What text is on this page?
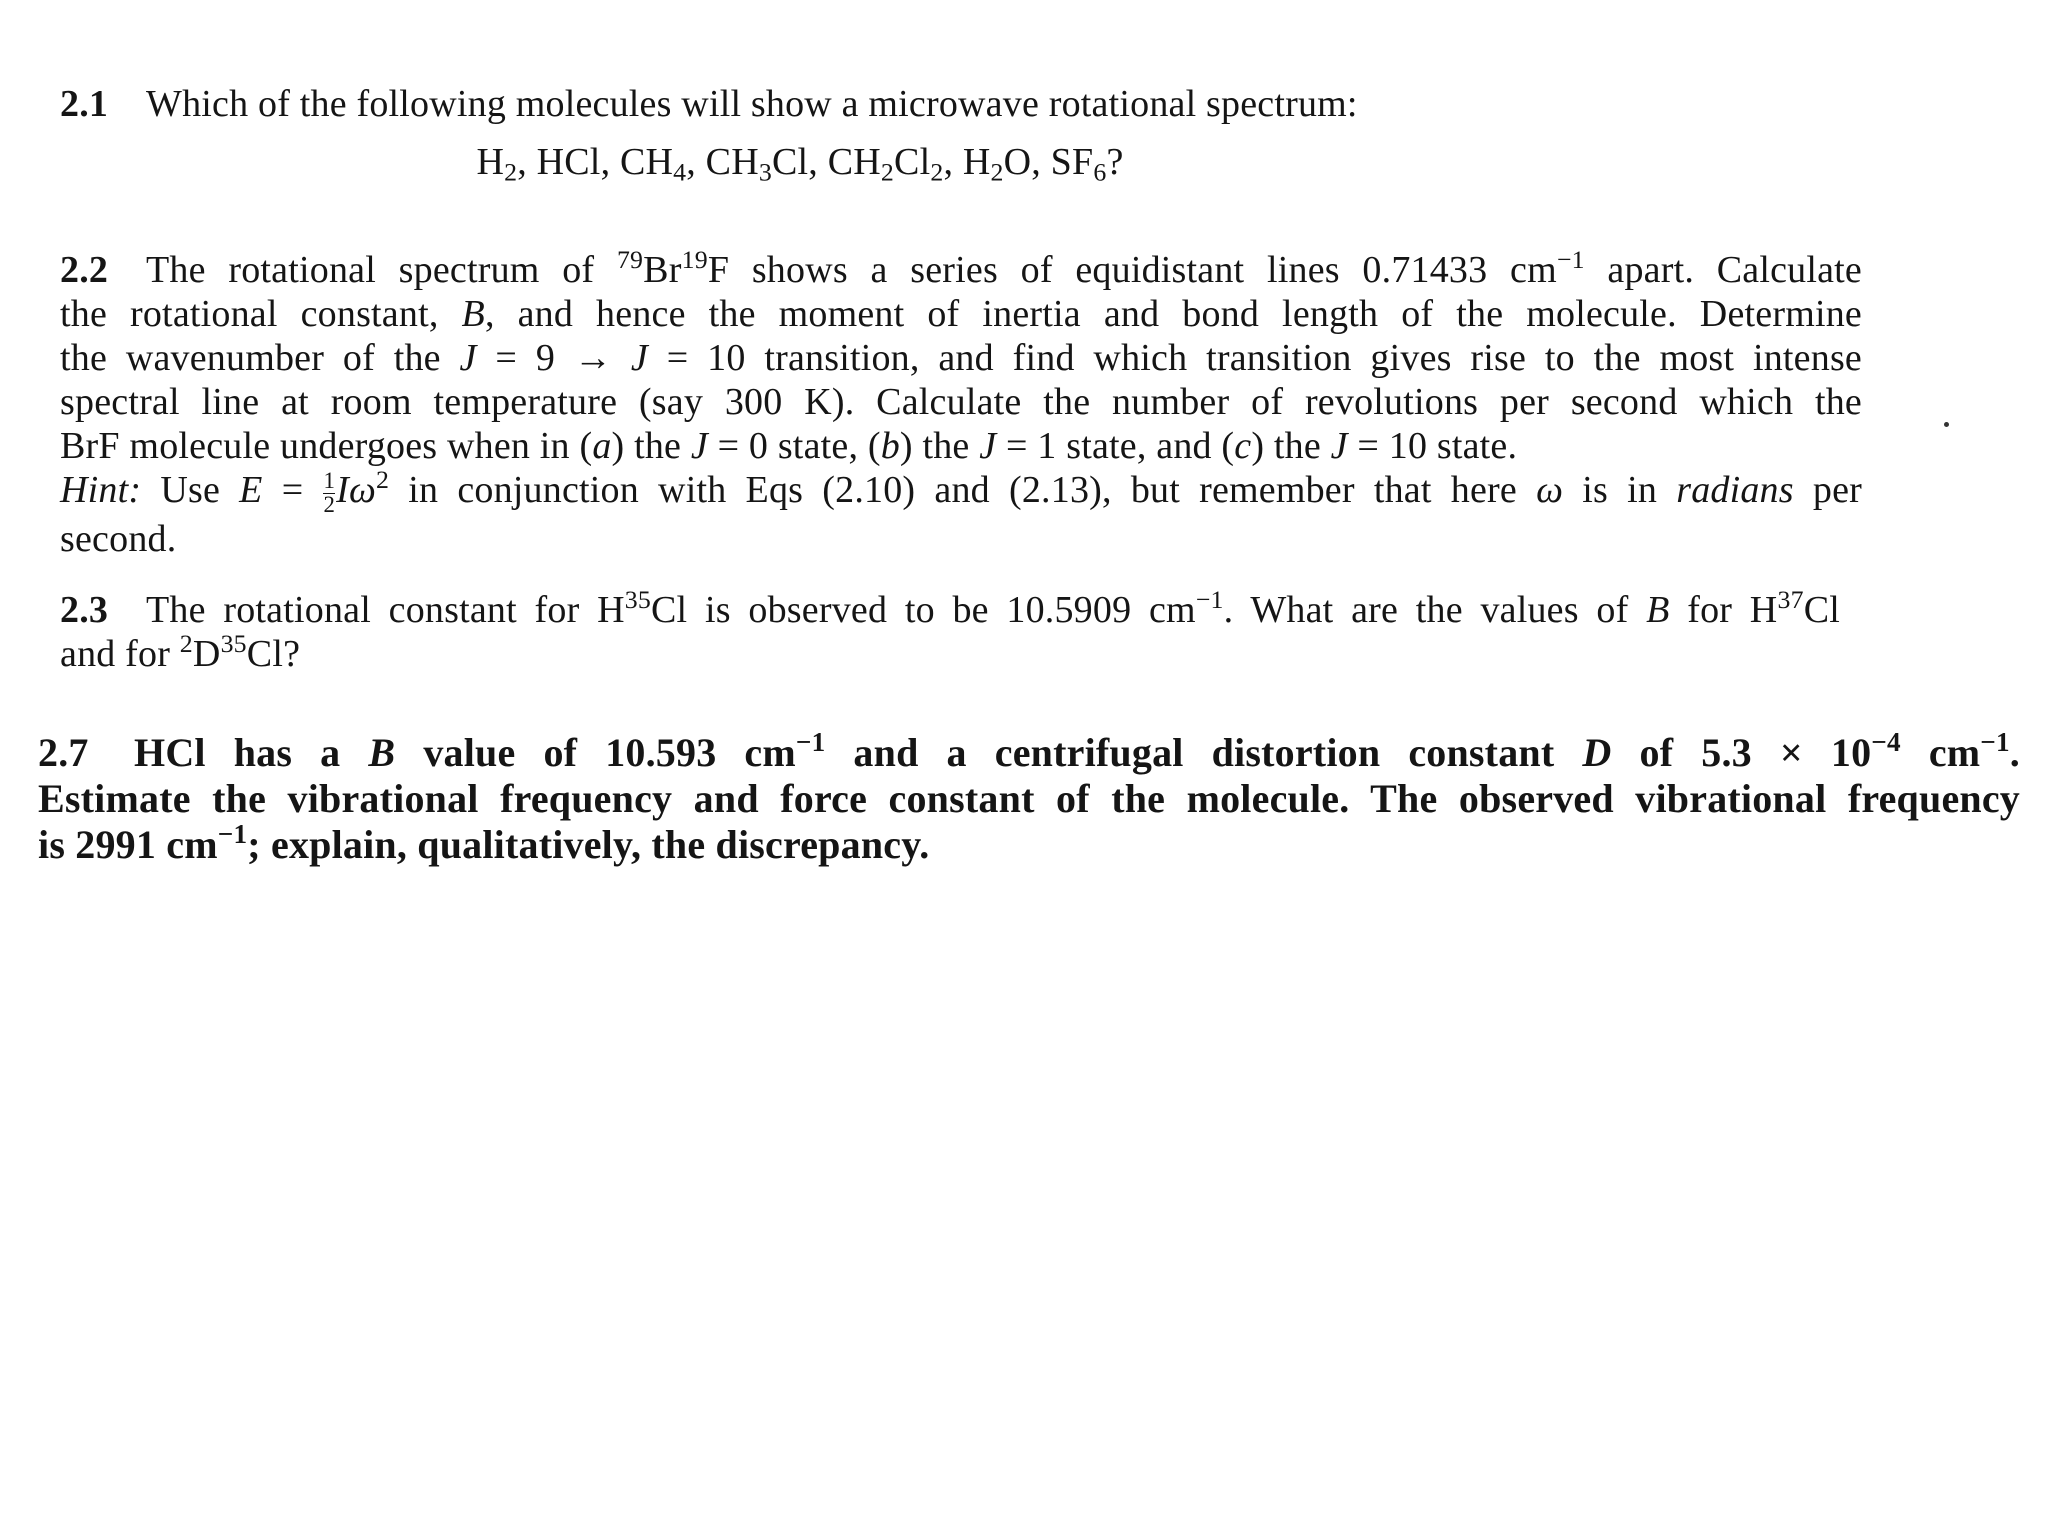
2.1 Which of the following molecules will show a microwave rotational spectrum:
$H_2$, HCl, $CH_4$, $CH_3Cl$, $CH_2Cl_2$, $H_2O$, $SF_6$?
2.2 The rotational spectrum of $^{79}$Br$^{19}$F shows a series of equidistant lines 0.71433 $cm^{-1}$ apart. Calculate
the rotational constant, B, and hence the moment of inertia and bond length of the molecule. Determine
the wavenumber of the J = 9 → J = 10 transition, and find which transition gives rise to the most intense
spectral line at room temperature (say 300 K). Calculate the number of revolutions per second which the
BrF molecule undergoes when in (a) the J = 0 state, (b) the J = 1 state, and (c) the J = 10 state.
Hint: Use $E = \frac{1}{2} I\omega^2$ in conjunction with Eqs (2.10) and (2.13), but remember that here ω is in radians per
second.
2.3 The rotational constant for $H^{35}Cl$ is observed to be 10.5909 $cm^{-1}$. What are the values of B for $H^{37}Cl$
and for $^2D^{35}Cl$?
2.7 HCl has a B value of 10.593 $cm^{-1}$ and a centrifugal distortion constant D of $5.3 \times 10^{-4}$ $cm^{-1}$.
Estimate the vibrational frequency and force constant of the molecule. The observed vibrational frequency
is 2991 $cm^{-1}$; explain, qualitatively, the discrepancy.
